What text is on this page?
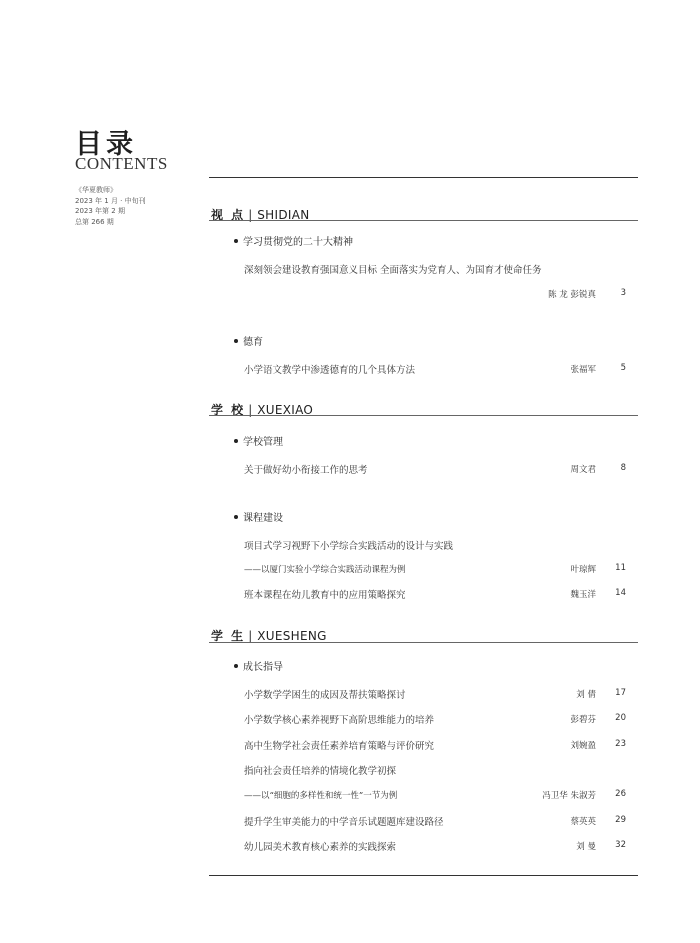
目录
CONTENTS
《华夏教师》
2023 年 1 月 · 中旬刊
2023 年第 2 期
总第 266 期	视 点 | SHIDIAN
学习贯彻党的二十大精神
深刻领会建设教育强国意义目标 全面落实为党育人、为国育才使命任务
陈 龙 彭锐真	3
德育
小学语文教学中渗透德育的几个具体方法	张福军	5
学 校 | XUEXIAO
学校管理
关于做好幼小衔接工作的思考	周文君	8
课程建设
项目式学习视野下小学综合实践活动的设计与实践
——以厦门实验小学综合实践活动课程为例	叶琼辉	11
班本课程在幼儿教育中的应用策略探究	魏玉洋	14
学 生 | XUESHENG
成长指导
小学数学学困生的成因及帮扶策略探讨	刘 倩	17
小学数学核心素养视野下高阶思维能力的培养	彭碧芬	20
高中生物学社会责任素养培育策略与评价研究	刘婉盈	23
指向社会责任培养的情境化教学初探
——以“细胞的多样性和统一性”一节为例	冯卫华 朱淑芳	26
提升学生审美能力的中学音乐试题题库建设路径	蔡英英	29
幼儿园美术教育核心素养的实践探索	刘 曼	32
